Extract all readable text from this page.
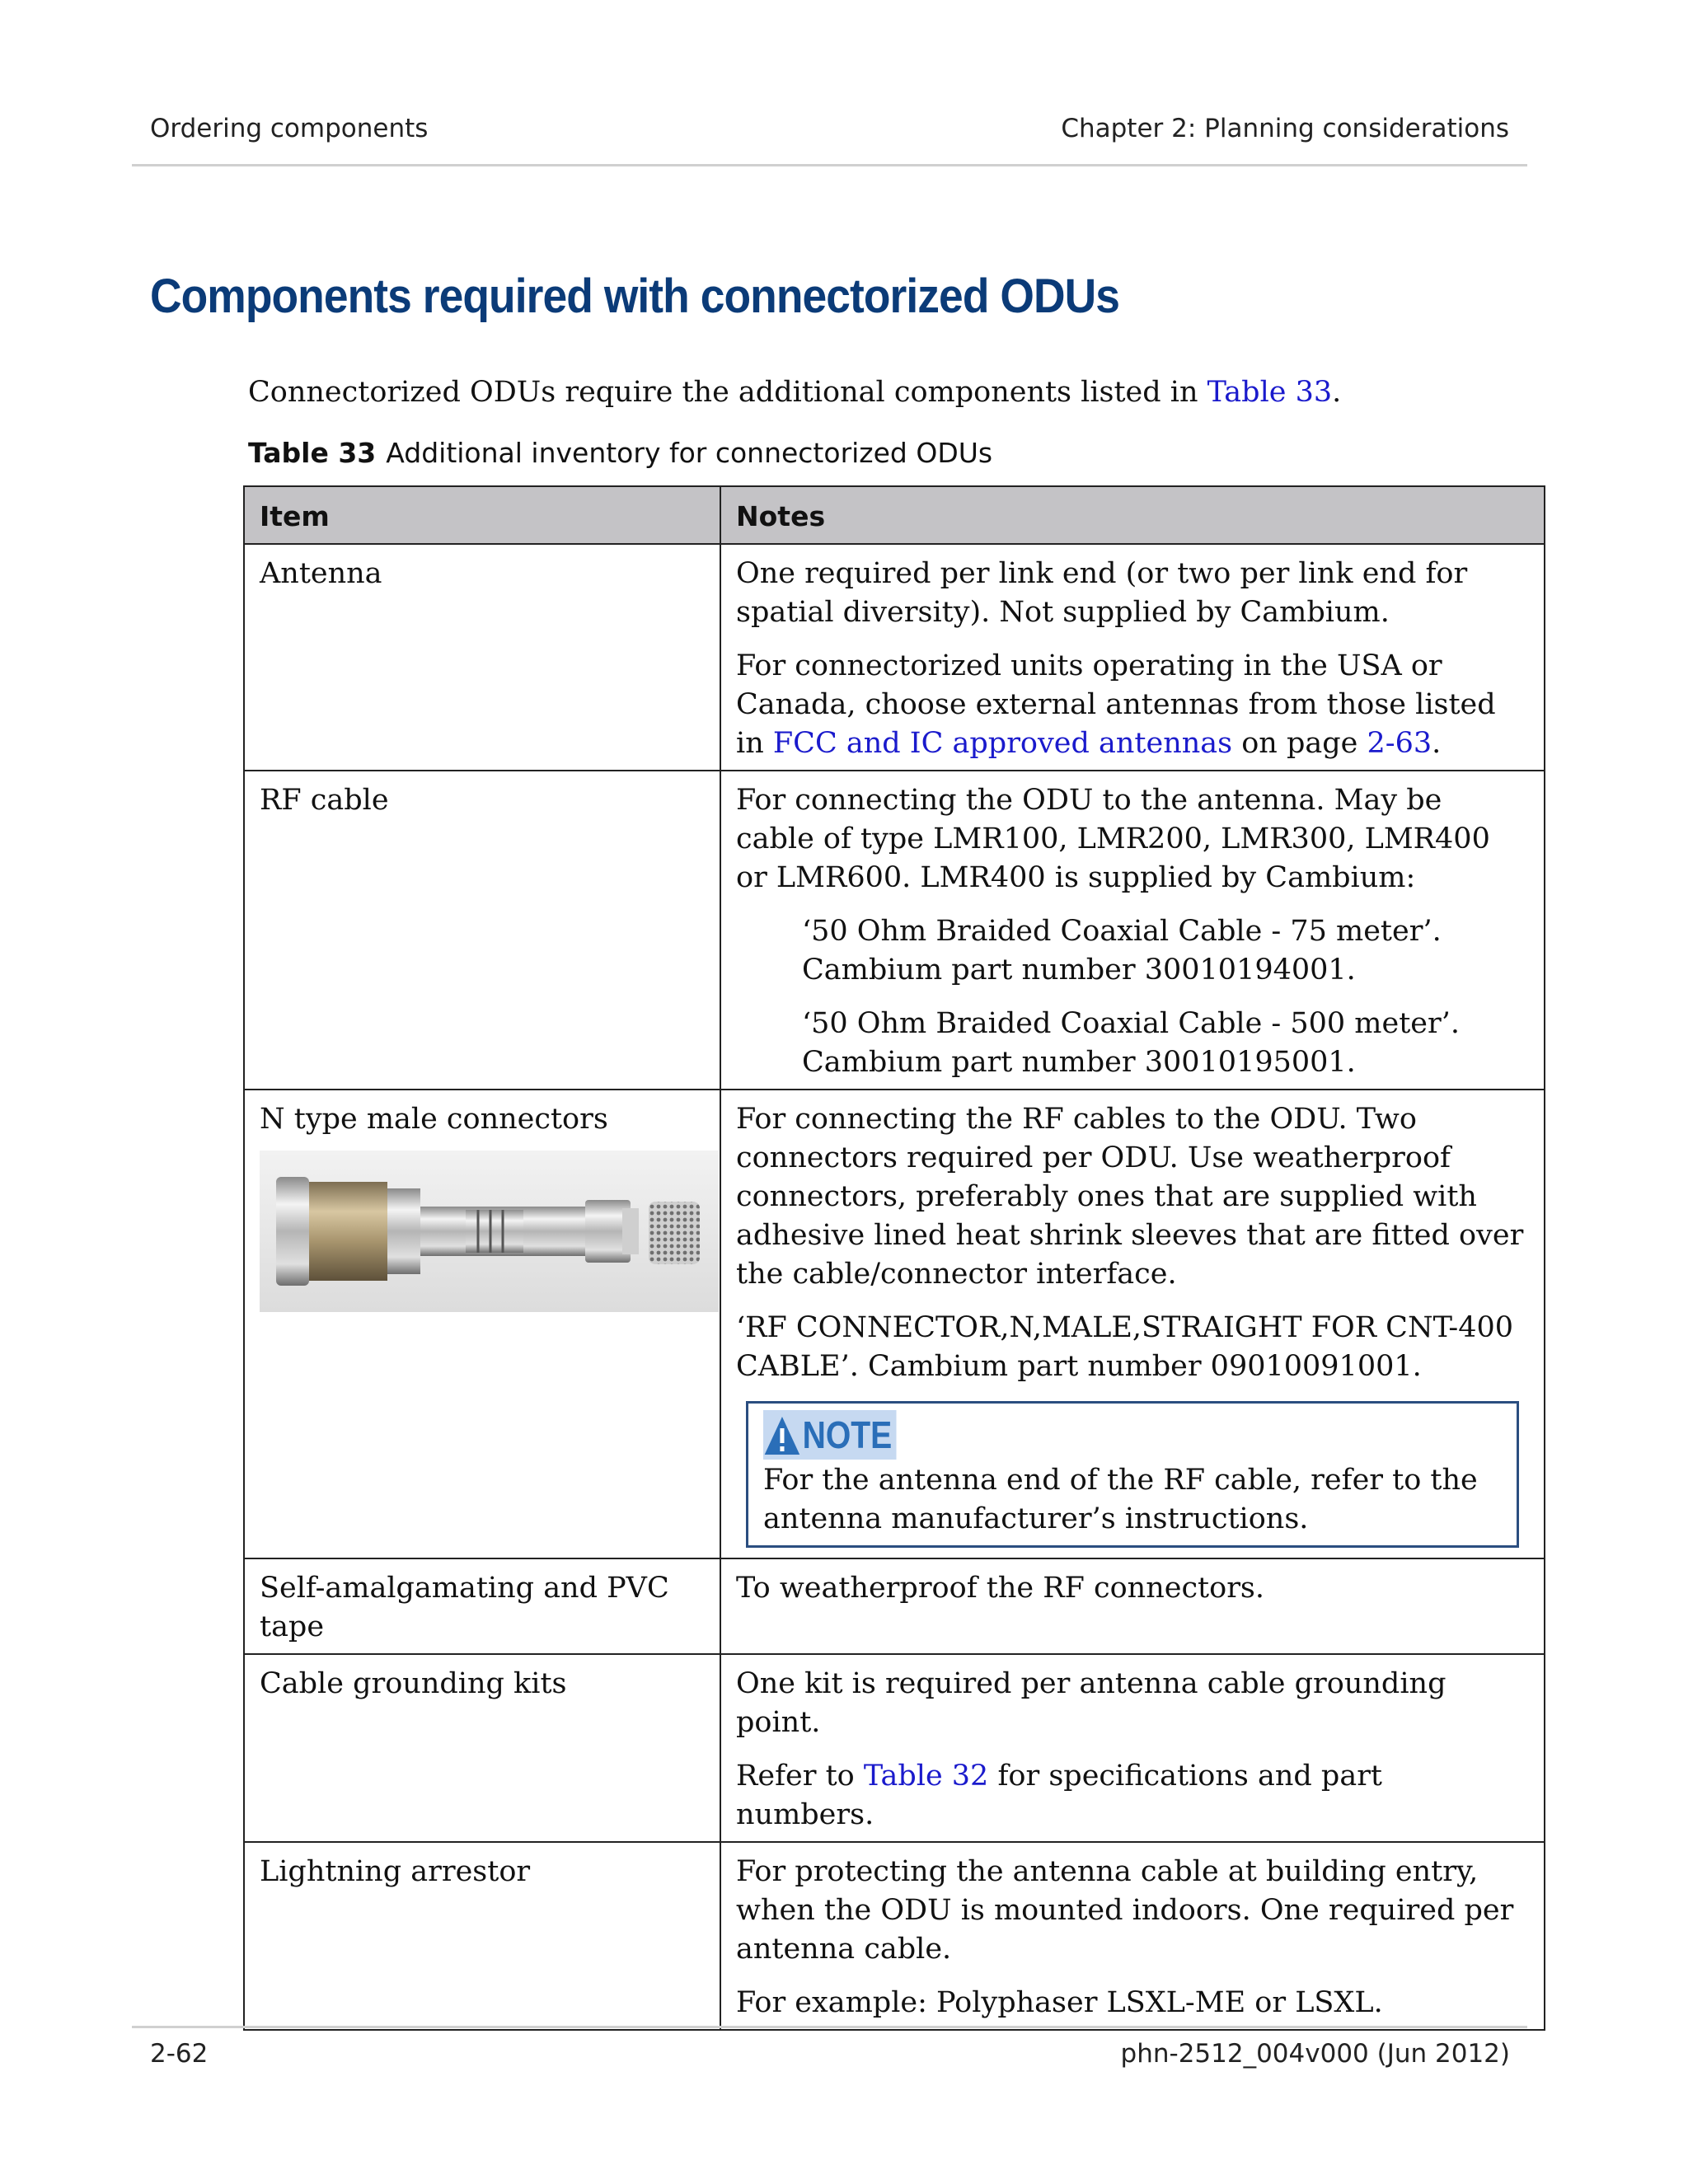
Ordering components	Chapter 2: Planning considerations
Components required with connectorized ODUs

Connectorized ODUs require the additional components listed in Table 33.

Table 33 Additional inventory for connectorized ODUs

Item	Notes
Antenna	One required per link end (or two per link end for spatial diversity). Not supplied by Cambium.

For connectorized units operating in the USA or Canada, choose external antennas from those listed in FCC and IC approved antennas on page 2-63.

RF cable	For connecting the ODU to the antenna. May be cable of type LMR100, LMR200, LMR300, LMR400 or LMR600. LMR400 is supplied by Cambium:

‘50 Ohm Braided Coaxial Cable - 75 meter’. Cambium part number 30010194001.

‘50 Ohm Braided Coaxial Cable - 500 meter’. Cambium part number 30010195001.

N type male connectors	For connecting the RF cables to the ODU. Two connectors required per ODU. Use weatherproof connectors, preferably ones that are supplied with adhesive lined heat shrink sleeves that are fitted over the cable/connector interface.

‘RF CONNECTOR,N,MALE,STRAIGHT FOR CNT-400 CABLE’. Cambium part number 09010091001.

NOTE
For the antenna end of the RF cable, refer to the antenna manufacturer’s instructions.

Self-amalgamating and PVC tape	To weatherproof the RF connectors.

Cable grounding kits	One kit is required per antenna cable grounding point.

Refer to Table 32 for specifications and part numbers.

Lightning arrestor	For protecting the antenna cable at building entry, when the ODU is mounted indoors. One required per antenna cable.

For example: Polyphaser LSXL-ME or LSXL.

2-62	phn-2512_004v000 (Jun 2012)
